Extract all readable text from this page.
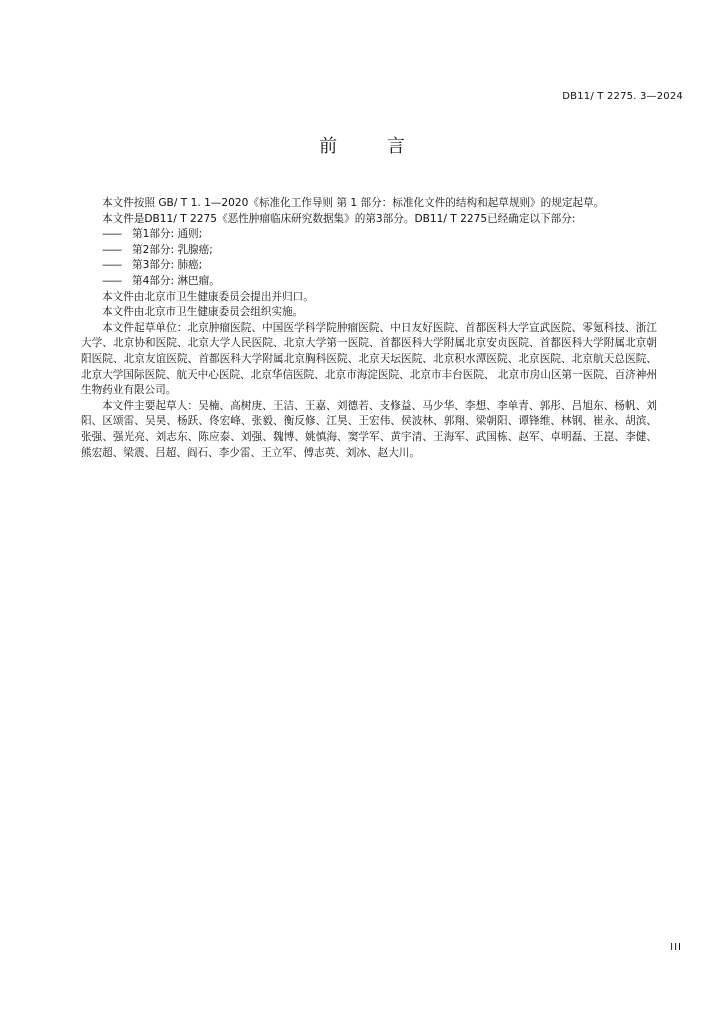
DB11/ T 2275. 3—2024
前 言

本文件按照 GB/ T 1. 1—2020《标准化工作导则 第 1 部分：标准化文件的结构和起草规则》的规定起草。

本文件是DB11/ T 2275《恶性肿瘤临床研究数据集》的第3部分。DB11/ T 2275已经确定以下部分:

—— 第1部分: 通则;

—— 第2部分: 乳腺癌;

—— 第3部分: 肺癌;

—— 第4部分: 淋巴瘤。

本文件由北京市卫生健康委员会提出并归口。

本文件由北京市卫生健康委员会组织实施。

本文件起草单位：北京肿瘤医院、中国医学科学院肿瘤医院、中日友好医院、首都医科大学宣武医院、零氪科技、浙江大学、北京协和医院、北京大学人民医院、北京大学第一医院、首都医科大学附属北京安贞医院、首都医科大学附属北京朝阳医院、北京友谊医院、首都医科大学附属北京胸科医院、北京天坛医院、北京积水潭医院、北京医院、北京航天总医院、北京大学国际医院、航天中心医院、北京华信医院、北京市海淀医院、北京市丰台医院、 北京市房山区第一医院、百济神州生物药业有限公司。

本文件主要起草人：吴楠、高树庚、王洁、王嘉、刘德若、支修益、马少华、李想、李单青、郭彤、吕旭东、杨帆、刘阳、区颂雷、吴昊、杨跃、佟宏峰、张毅、衡反修、江昊、王宏伟、侯波林、郭翔、梁朝阳、谭锋维、林钢、崔永、胡滨、张强、强光亮、刘志东、陈应泰、刘强、魏博、姚慎海、窦学军、黄宇清、王海军、武国栋、赵军、卓明磊、王崑、李健、熊宏超、梁震、吕超、阎石、李少雷、王立军、傅志英、刘冰、赵大川。

III
